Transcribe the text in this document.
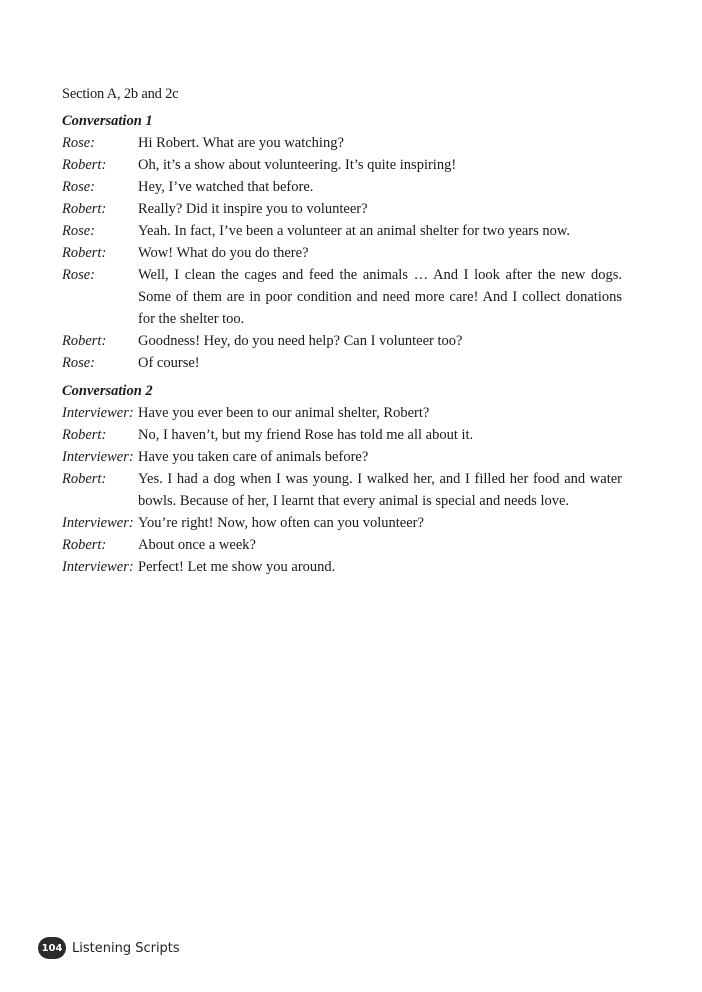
Section A, 2b and 2c
Conversation 1
Rose:	Hi Robert. What are you watching?
Robert:	Oh, it’s a show about volunteering. It’s quite inspiring!
Rose:	Hey, I’ve watched that before.
Robert:	Really? Did it inspire you to volunteer?
Rose:	Yeah. In fact, I’ve been a volunteer at an animal shelter for two years now.
Robert:	Wow! What do you do there?
Rose:	Well, I clean the cages and feed the animals … And I look after the new dogs. Some of them are in poor condition and need more care! And I collect donations for the shelter too.
Robert:	Goodness! Hey, do you need help? Can I volunteer too?
Rose:	Of course!
Conversation 2
Interviewer: Have you ever been to our animal shelter, Robert?
Robert:	No, I haven’t, but my friend Rose has told me all about it.
Interviewer: Have you taken care of animals before?
Robert:	Yes. I had a dog when I was young. I walked her, and I filled her food and water bowls. Because of her, I learnt that every animal is special and needs love.
Interviewer: You’re right! Now, how often can you volunteer?
Robert:	About once a week?
Interviewer: Perfect! Let me show you around.
104 Listening Scripts
